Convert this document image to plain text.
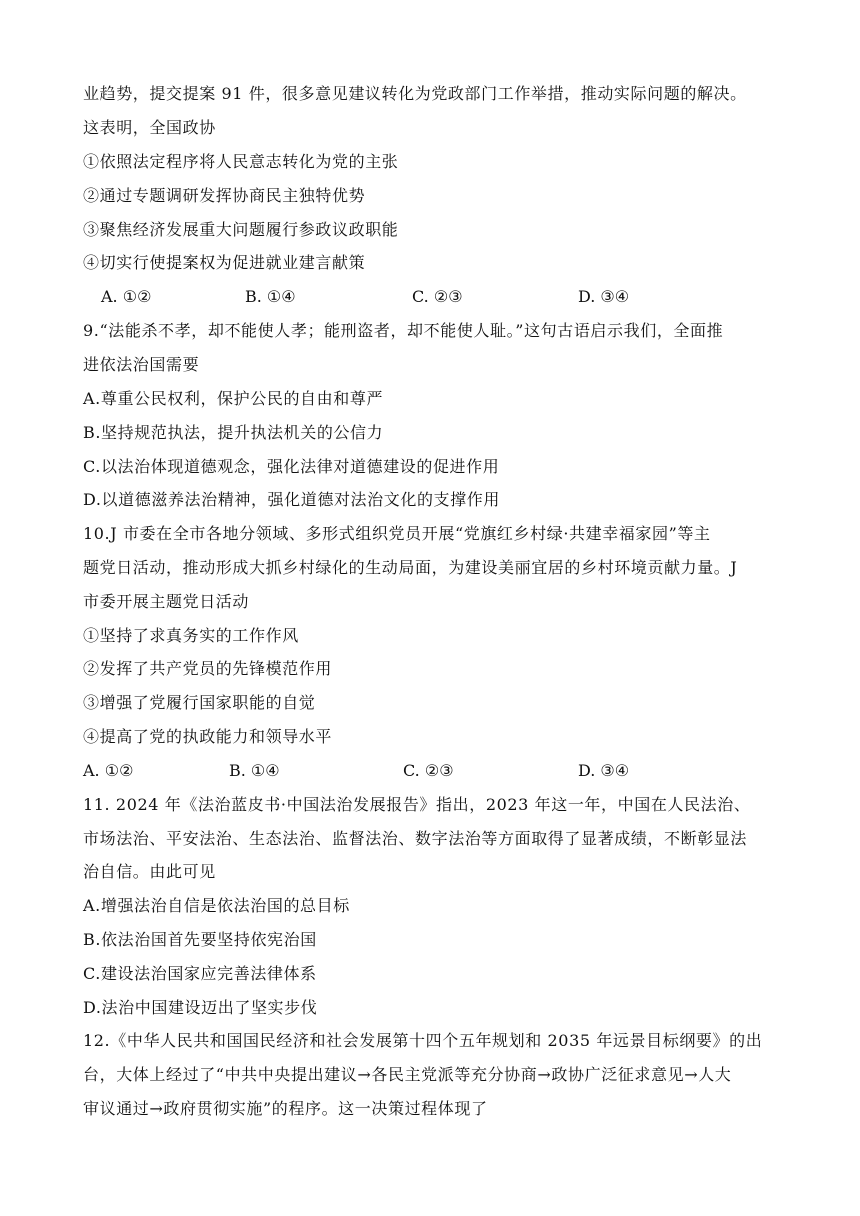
业趋势，提交提案 91 件，很多意见建议转化为党政部门工作举措，推动实际问题的解决。
这表明，全国政协
①依照法定程序将人民意志转化为党的主张
②通过专题调研发挥协商民主独特优势
③聚焦经济发展重大问题履行参政议政职能
④切实行使提案权为促进就业建言献策
A. ①②	B. ①④	C. ②③	D. ③④
9.“法能杀不孝，却不能使人孝；能刑盗者，却不能使人耻。”这句古语启示我们，全面推
进依法治国需要
A.尊重公民权利，保护公民的自由和尊严
B.坚持规范执法，提升执法机关的公信力
C.以法治体现道德观念，强化法律对道德建设的促进作用
D.以道德滋养法治精神，强化道德对法治文化的支撑作用
10.J 市委在全市各地分领域、多形式组织党员开展“党旗红乡村绿·共建幸福家园”等主
题党日活动，推动形成大抓乡村绿化的生动局面，为建设美丽宜居的乡村环境贡献力量。J
市委开展主题党日活动
①坚持了求真务实的工作作风
②发挥了共产党员的先锋模范作用
③增强了党履行国家职能的自觉
④提高了党的执政能力和领导水平
A. ①②	B. ①④	C. ②③	D. ③④
11. 2024 年《法治蓝皮书·中国法治发展报告》指出，2023 年这一年，中国在人民法治、
市场法治、平安法治、生态法治、监督法治、数字法治等方面取得了显著成绩，不断彰显法
治自信。由此可见
A.增强法治自信是依法治国的总目标
B.依法治国首先要坚持依宪治国
C.建设法治国家应完善法律体系
D.法治中国建设迈出了坚实步伐
12.《中华人民共和国国民经济和社会发展第十四个五年规划和 2035 年远景目标纲要》的出
台，大体上经过了“中共中央提出建议→各民主党派等充分协商→政协广泛征求意见→人大
审议通过→政府贯彻实施”的程序。这一决策过程体现了
